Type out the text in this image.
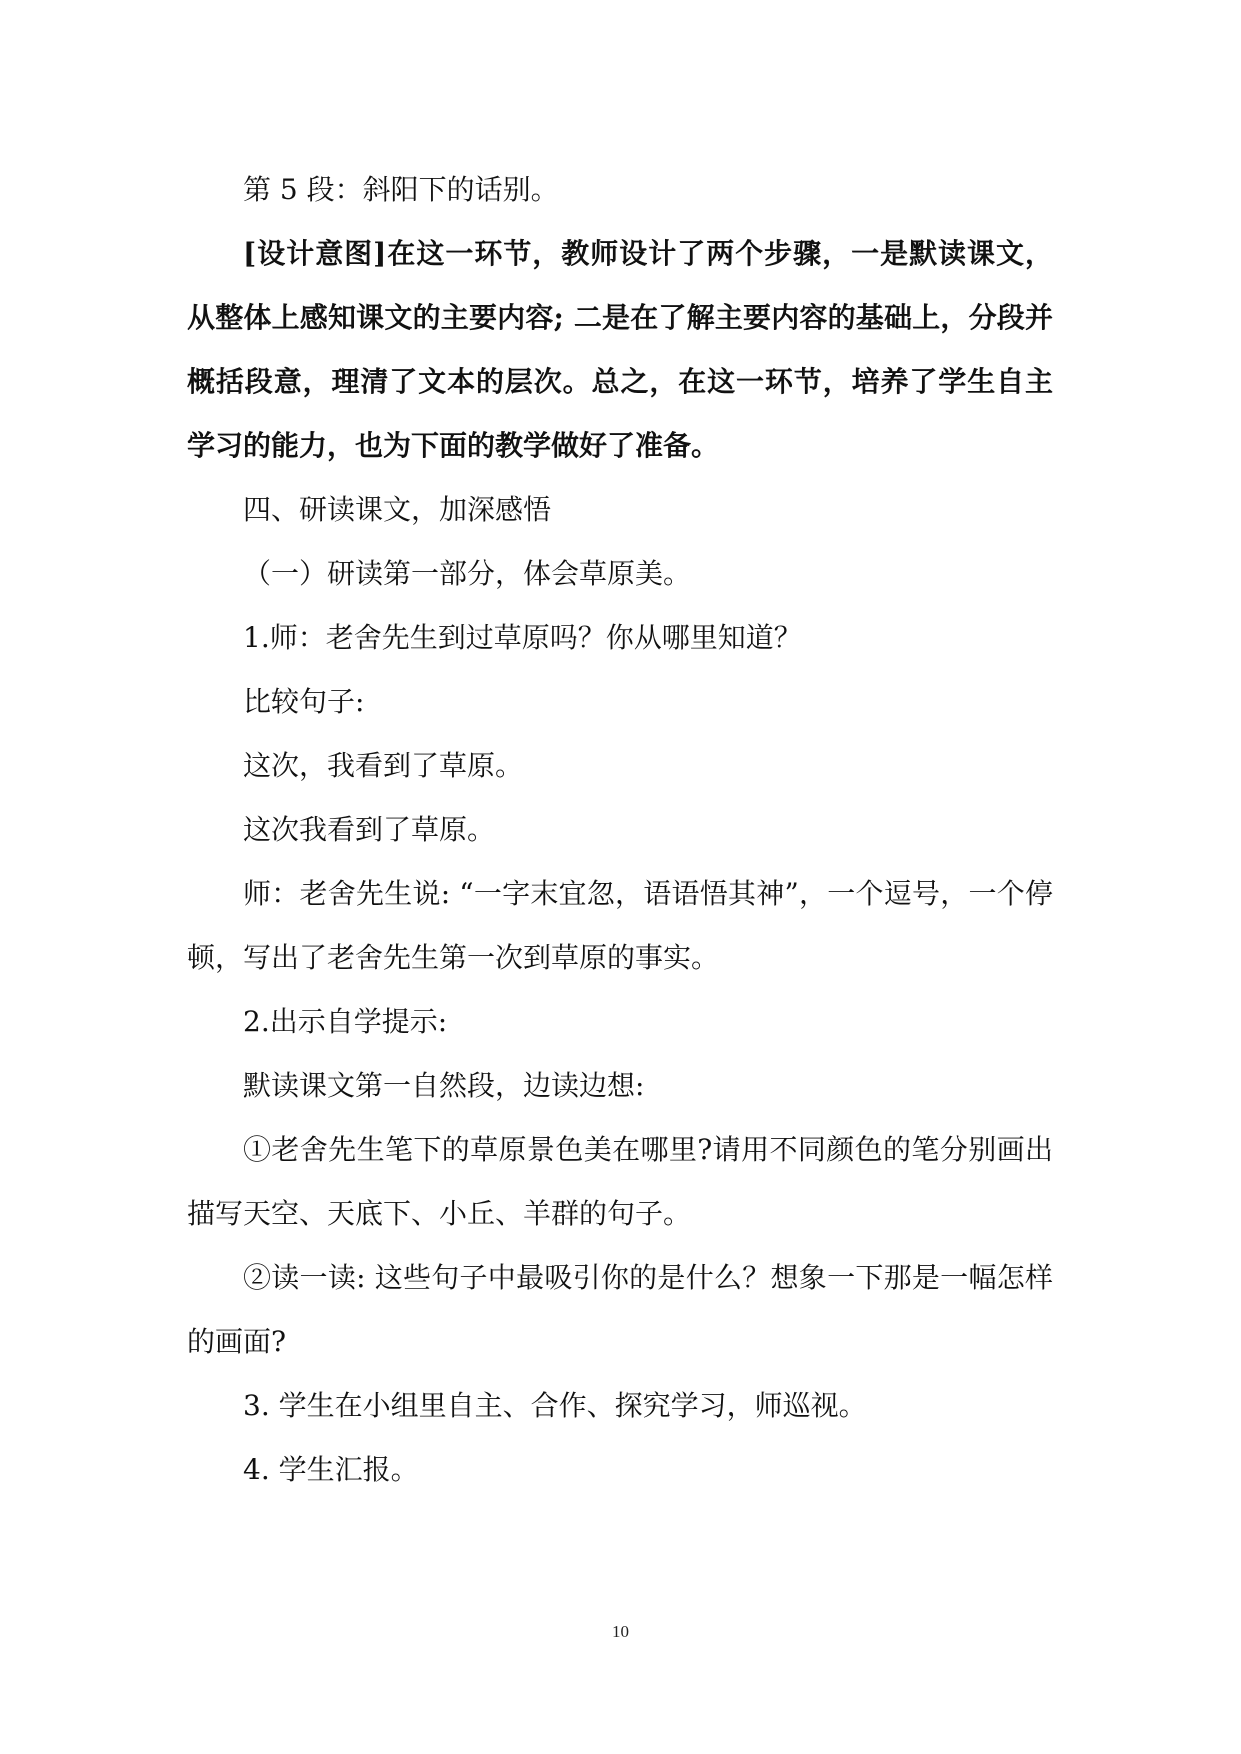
第 5 段：斜阳下的话别。

[设计意图]在这一环节，教师设计了两个步骤，一是默读课文，从整体上感知课文的主要内容; 二是在了解主要内容的基础上，分段并概括段意，理清了文本的层次。总之，在这一环节，培养了学生自主学习的能力，也为下面的教学做好了准备。

四、研读课文，加深感悟

（一）研读第一部分，体会草原美。

1.师：老舍先生到过草原吗？你从哪里知道？

比较句子:

这次，我看到了草原。

这次我看到了草原。

师：老舍先生说: “一字末宜忽，语语悟其神”，一个逗号，一个停顿，写出了老舍先生第一次到草原的事实。

2.出示自学提示:

默读课文第一自然段，边读边想:

①老舍先生笔下的草原景色美在哪里?请用不同颜色的笔分别画出描写天空、天底下、小丘、羊群的句子。

②读一读: 这些句子中最吸引你的是什么？想象一下那是一幅怎样的画面?

3. 学生在小组里自主、合作、探究学习，师巡视。

4. 学生汇报。

10
